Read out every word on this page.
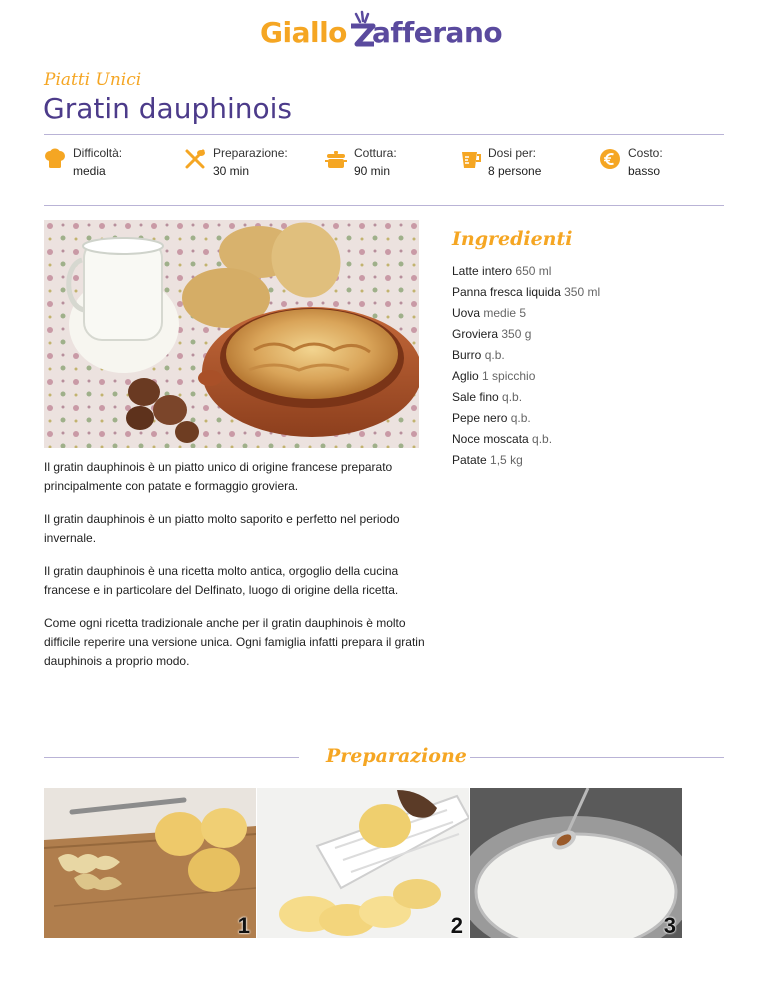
Giallo afferano
Piatti Unici
Gratin dauphinois
Difficoltà:
media
Preparazione:
30 min
Cottura:
90 min
Dosi per:
8 persone
Costo:
basso

Il gratin dauphinois è un piatto unico di origine francese preparato principalmente con patate e formaggio groviera.

Il gratin dauphinois è un piatto molto saporito e perfetto nel periodo invernale.

Il gratin dauphinois è una ricetta molto antica, orgoglio della cucina francese e in particolare del Delfinato, luogo di origine della ricetta.

Come ogni ricetta tradizionale anche per il gratin dauphinois è molto difficile reperire una versione unica. Ogni famiglia infatti prepara il gratin dauphinois a proprio modo.

Ingredienti
Latte intero 650 ml
Panna fresca liquida 350 ml
Uova medie 5
Groviera 350 g
Burro q.b.
Aglio 1 spicchio
Sale fino q.b.
Pepe nero q.b.
Noce moscata q.b.
Patate 1,5 kg
Preparazione
1	2	3
